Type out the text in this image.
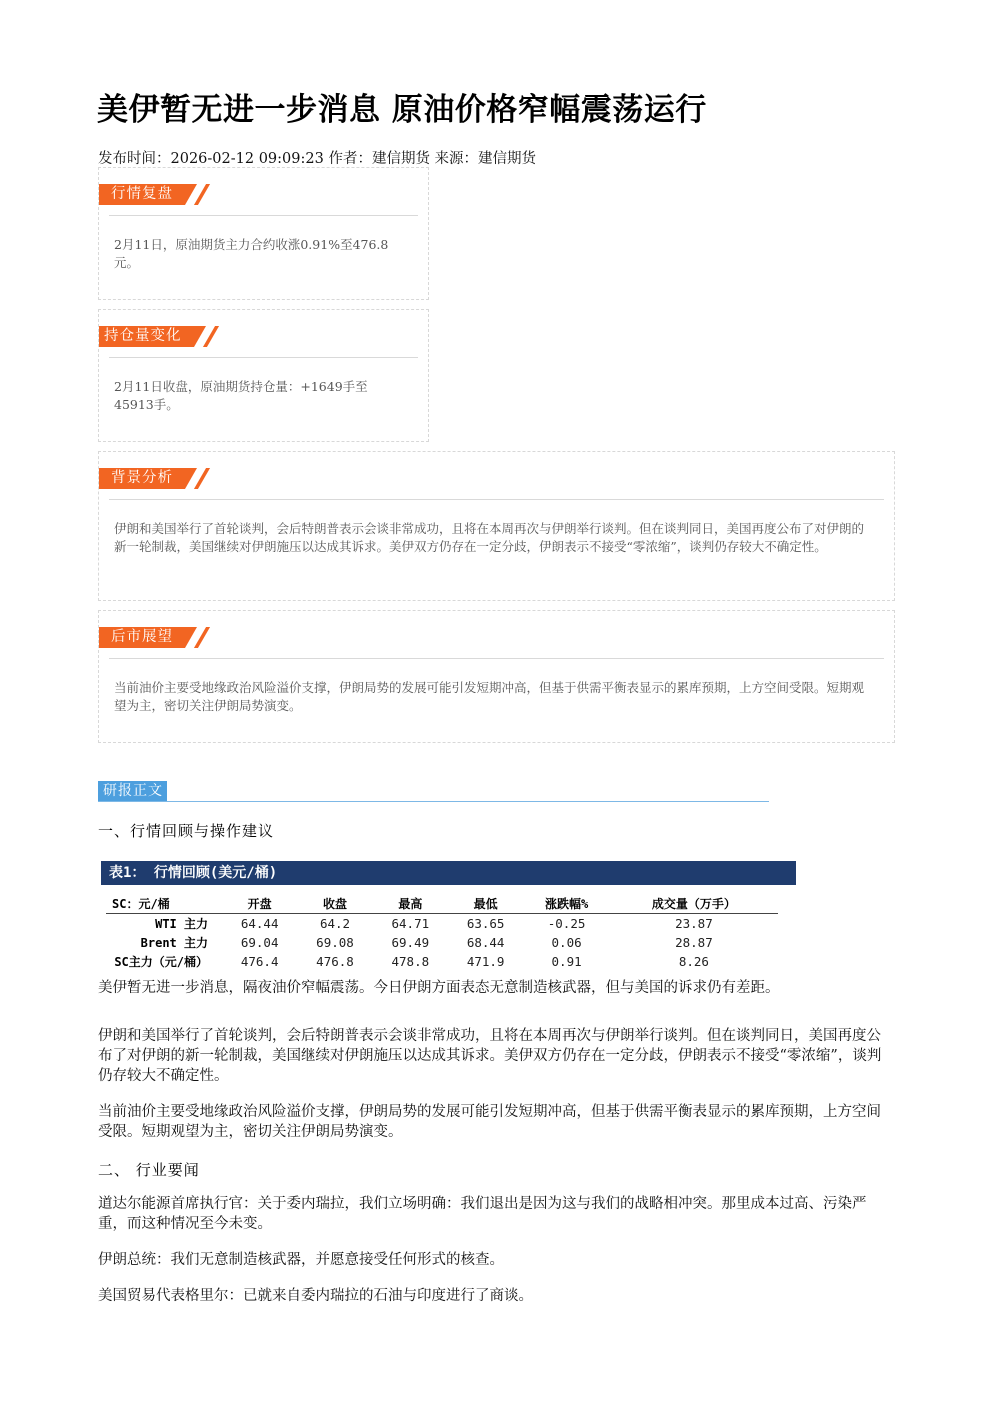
美伊暂无进一步消息 原油价格窄幅震荡运行
发布时间：2026-02-12 09:09:23 作者：建信期货 来源：建信期货
行情复盘
2月11日，原油期货主力合约收涨0.91%至476.8元。
持仓量变化
2月11日收盘，原油期货持仓量：+1649手至45913手。
背景分析
伊朗和美国举行了首轮谈判，会后特朗普表示会谈非常成功，且将在本周再次与伊朗举行谈判。但在谈判同日，美国再度公布了对伊朗的新一轮制裁，美国继续对伊朗施压以达成其诉求。美伊双方仍存在一定分歧，伊朗表示不接受“零浓缩”，谈判仍存较大不确定性。
后市展望
当前油价主要受地缘政治风险溢价支撑，伊朗局势的发展可能引发短期冲高，但基于供需平衡表显示的累库预期，上方空间受限。短期观望为主，密切关注伊朗局势演变。
研报正文
一、行情回顾与操作建议
表1： 行情回顾(美元/桶)
SC：元/桶	开盘	收盘	最高	最低	涨跌幅%	成交量（万手）
WTI 主力	64.44	64.2	64.71	63.65	-0.25	23.87
Brent 主力	69.04	69.08	69.49	68.44	0.06	28.87
SC主力（元/桶）	476.4	476.8	478.8	471.9	0.91	8.26

美伊暂无进一步消息，隔夜油价窄幅震荡。今日伊朗方面表态无意制造核武器，但与美国的诉求仍有差距。

伊朗和美国举行了首轮谈判，会后特朗普表示会谈非常成功，且将在本周再次与伊朗举行谈判。但在谈判同日，美国再度公布了对伊朗的新一轮制裁，美国继续对伊朗施压以达成其诉求。美伊双方仍存在一定分歧，伊朗表示不接受“零浓缩”，谈判仍存较大不确定性。

当前油价主要受地缘政治风险溢价支撑，伊朗局势的发展可能引发短期冲高，但基于供需平衡表显示的累库预期，上方空间受限。短期观望为主，密切关注伊朗局势演变。

二、 行业要闻

道达尔能源首席执行官：关于委内瑞拉，我们立场明确：我们退出是因为这与我们的战略相冲突。那里成本过高、污染严重，而这种情况至今未变。

伊朗总统：我们无意制造核武器，并愿意接受任何形式的核查。

美国贸易代表格里尔：已就来自委内瑞拉的石油与印度进行了商谈。
